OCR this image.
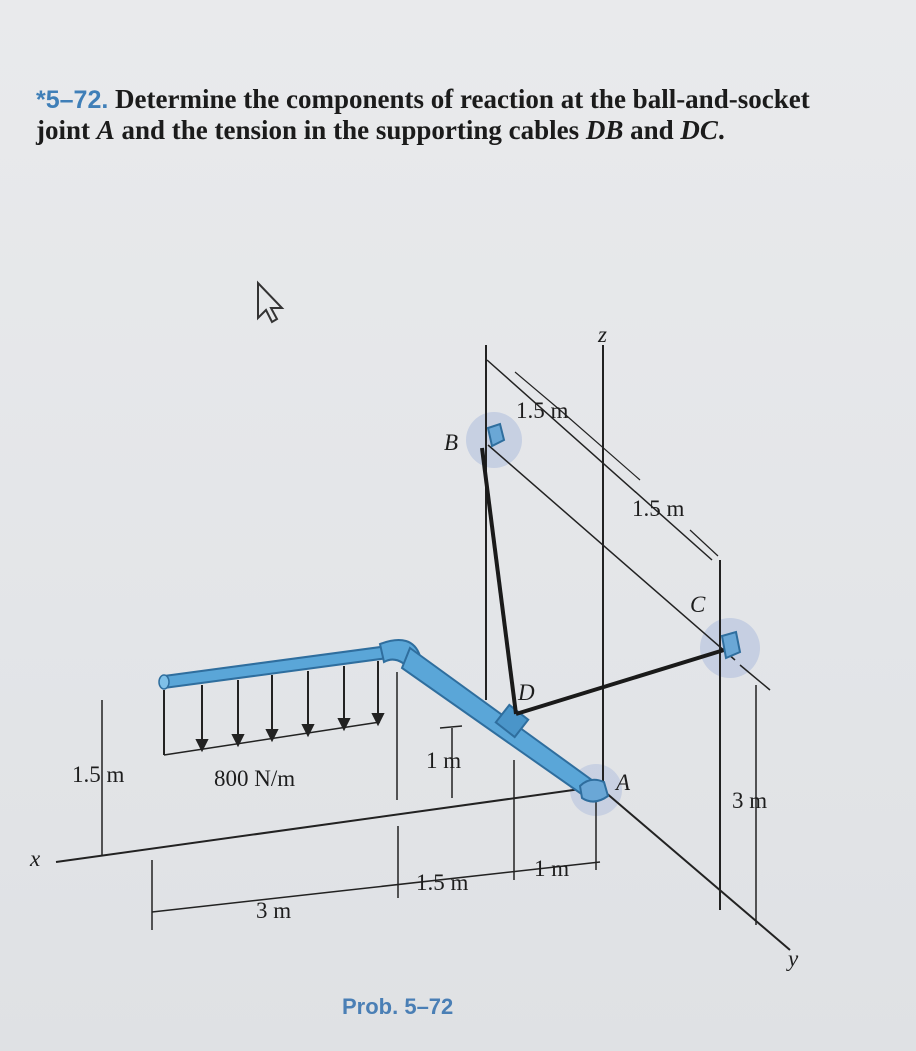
*5–72. Determine the components of reaction at the ball-and-socket joint A and the tension in the supporting cables DB and DC.
B
C
D
A
x
y
z
1.5 m
1.5 m
1.5 m
1 m
3 m
3 m
1.5 m
1 m
800 N/m
Prob. 5–72
